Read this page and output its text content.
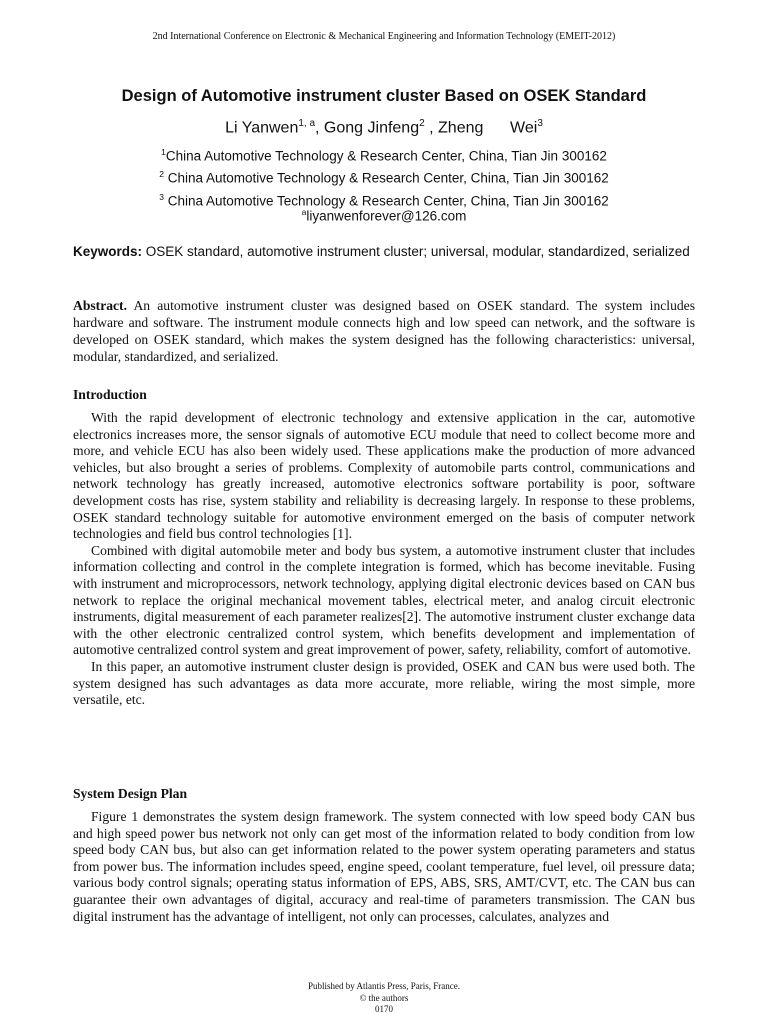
2nd International Conference on Electronic & Mechanical Engineering and Information Technology (EMEIT-2012)
Design of Automotive instrument cluster Based on OSEK Standard
Li Yanwen$^{1, a}$, Gong Jinfeng$^2$ , Zheng      Wei$^3$
$^1$China Automotive Technology & Research Center, China, Tian Jin 300162
$^2$ China Automotive Technology & Research Center, China, Tian Jin 300162
$^3$ China Automotive Technology & Research Center, China, Tian Jin 300162
$^a$liyanwenforever@126.com
Keywords: OSEK standard, automotive instrument cluster; universal, modular, standardized, serialized
Abstract. An automotive instrument cluster was designed based on OSEK standard. The system includes hardware and software. The instrument module connects high and low speed can network, and the software is developed on OSEK standard, which makes the system designed has the following characteristics: universal, modular, standardized, and serialized.
Introduction

With the rapid development of electronic technology and extensive application in the car, automotive electronics increases more, the sensor signals of automotive ECU module that need to collect become more and more, and vehicle ECU has also been widely used. These applications make the production of more advanced vehicles, but also brought a series of problems. Complexity of automobile parts control, communications and network technology has greatly increased, automotive electronics software portability is poor, software development costs has rise, system stability and reliability is decreasing largely. In response to these problems, OSEK standard technology suitable for automotive environment emerged on the basis of computer network technologies and field bus control technologies [1].

Combined with digital automobile meter and body bus system, a automotive instrument cluster that includes information collecting and control in the complete integration is formed, which has become inevitable. Fusing with instrument and microprocessors, network technology, applying digital electronic devices based on CAN bus network to replace the original mechanical movement tables, electrical meter, and analog circuit electronic instruments, digital measurement of each parameter realizes[2]. The automotive instrument cluster exchange data with the other electronic centralized control system, which benefits development and implementation of automotive centralized control system and great improvement of power, safety, reliability, comfort of automotive.

In this paper, an automotive instrument cluster design is provided, OSEK and CAN bus were used both. The system designed has such advantages as data more accurate, more reliable, wiring the most simple, more versatile, etc.

System Design Plan

Figure 1 demonstrates the system design framework. The system connected with low speed body CAN bus and high speed power bus network not only can get most of the information related to body condition from low speed body CAN bus, but also can get information related to the power system operating parameters and status from power bus. The information includes speed, engine speed, coolant temperature, fuel level, oil pressure data; various body control signals; operating status information of EPS, ABS, SRS, AMT/CVT, etc. The CAN bus can guarantee their own advantages of digital, accuracy and real-time of parameters transmission. The CAN bus digital instrument has the advantage of intelligent, not only can processes, calculates, analyzes and

Published by Atlantis Press, Paris, France.
© the authors
0170
